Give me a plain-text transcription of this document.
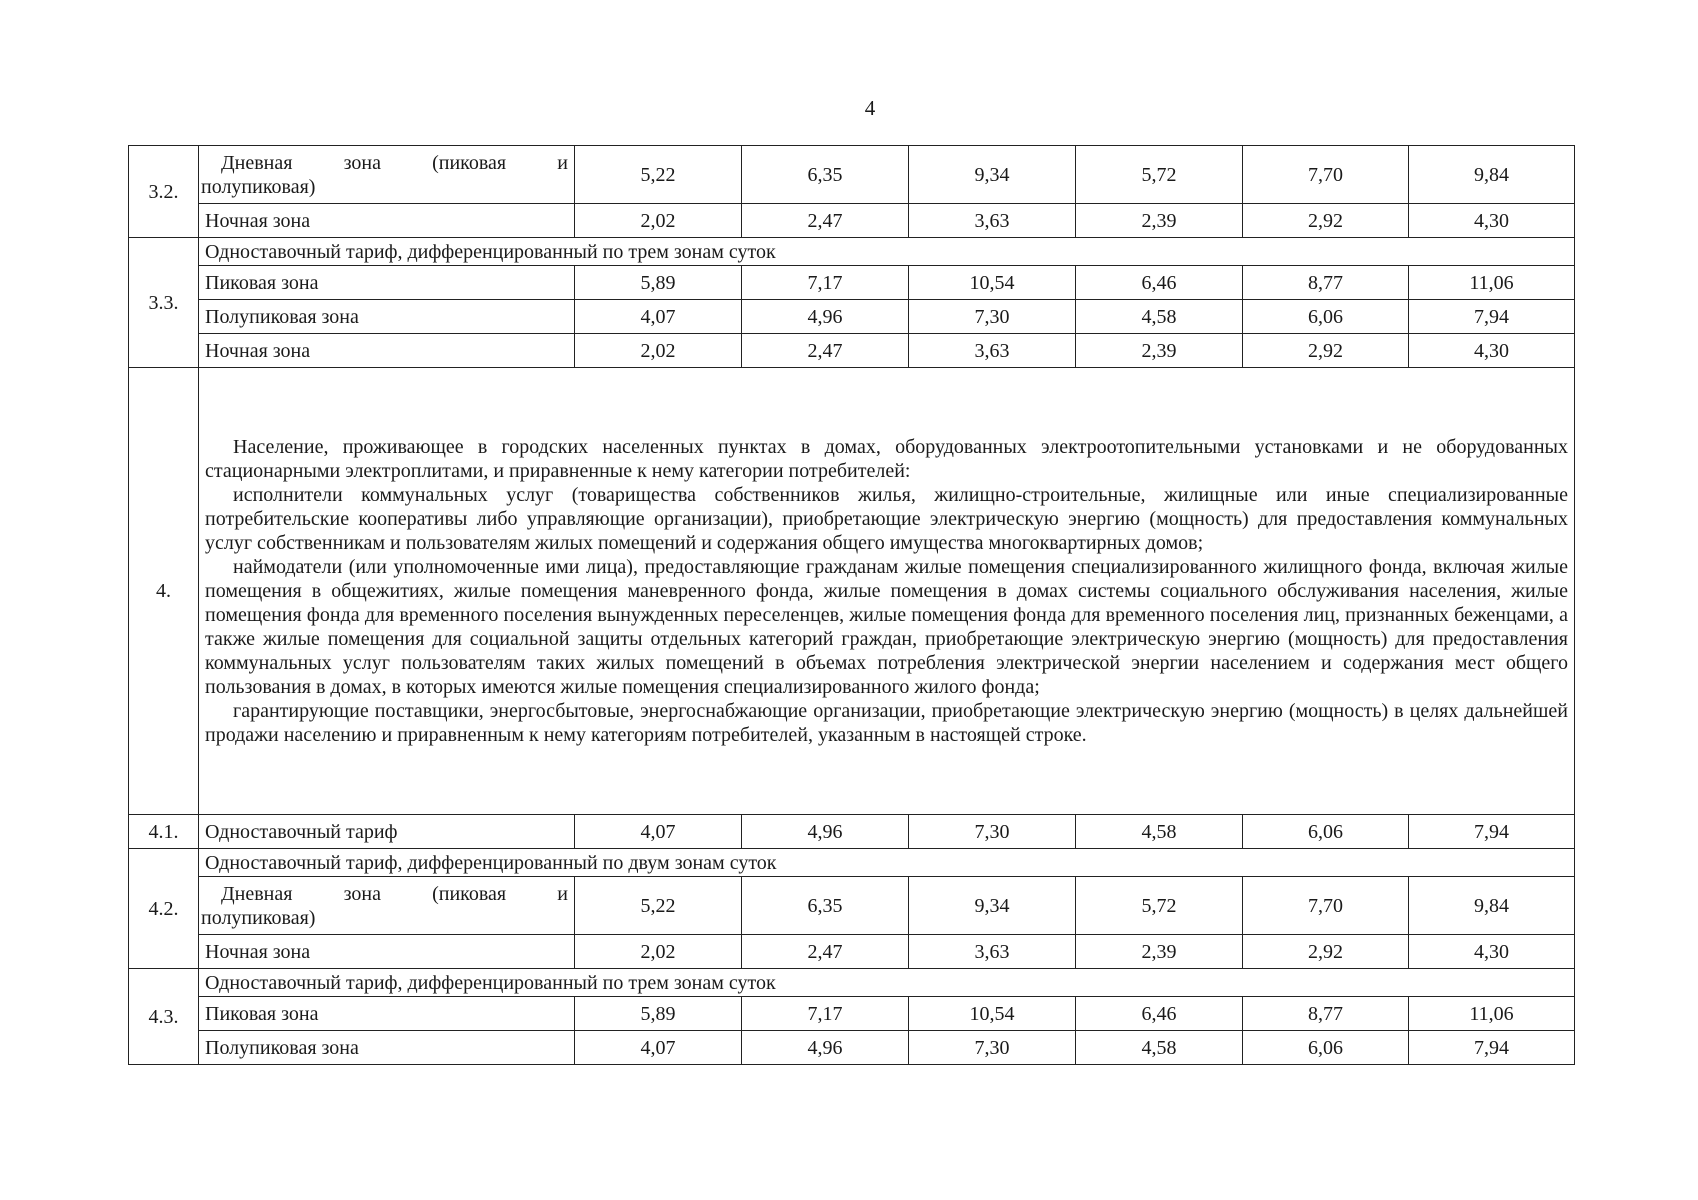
4
3.2.	Дневная зона (пиковая и
полупиковая)	5,22	6,35	9,34	5,72	7,70	9,84
	Ночная зона	2,02	2,47	3,63	2,39	2,92	4,30
3.3.	Одноставочный тариф, дифференцированный по трем зонам суток						
	Пиковая зона	5,89	7,17	10,54	6,46	8,77	11,06
	Полупиковая зона	4,07	4,96	7,30	4,58	6,06	7,94
	Ночная зона	2,02	2,47	3,63	2,39	2,92	4,30
4.	Население, проживающее в городских населенных пунктах в домах, оборудованных электроотопительными установками и не оборудованных стационарными электроплитами, и приравненные к нему категории потребителей:
исполнители коммунальных услуг (товарищества собственников жилья, жилищно-строительные, жилищные или иные специализированные потребительские кооперативы либо управляющие организации), приобретающие электрическую энергию (мощность) для предоставления коммунальных услуг собственникам и пользователям жилых помещений и содержания общего имущества многоквартирных домов;
наймодатели (или уполномоченные ими лица), предоставляющие гражданам жилые помещения специализированного жилищного фонда, включая жилые помещения в общежитиях, жилые помещения маневренного фонда, жилые помещения в домах системы социального обслуживания населения, жилые помещения фонда для временного поселения вынужденных переселенцев, жилые помещения фонда для временного поселения лиц, признанных беженцами, а также жилые помещения для социальной защиты отдельных категорий граждан, приобретающие электрическую энергию (мощность) для предоставления коммунальных услуг пользователям таких жилых помещений в объемах потребления электрической энергии населением и содержания мест общего пользования в домах, в которых имеются жилые помещения специализированного жилого фонда;
гарантирующие поставщики, энергосбытовые, энергоснабжающие организации, приобретающие электрическую энергию (мощность) в целях дальнейшей продажи населению и приравненным к нему категориям потребителей, указанным в настоящей строке.						

4.1.	Одноставочный тариф	4,07	4,96	7,30	4,58	6,06	7,94
4.2.	Одноставочный тариф, дифференцированный по двум зонам суток						

	Дневная зона (пиковая и
полупиковая)	5,22	6,35	9,34	5,72	7,70	9,84
	Ночная зона	2,02	2,47	3,63	2,39	2,92	4,30
4.3.	Одноставочный тариф, дифференцированный по трем зонам суток						
	Пиковая зона	5,89	7,17	10,54	6,46	8,77	11,06
	Полупиковая зона	4,07	4,96	7,30	4,58	6,06	7,94
